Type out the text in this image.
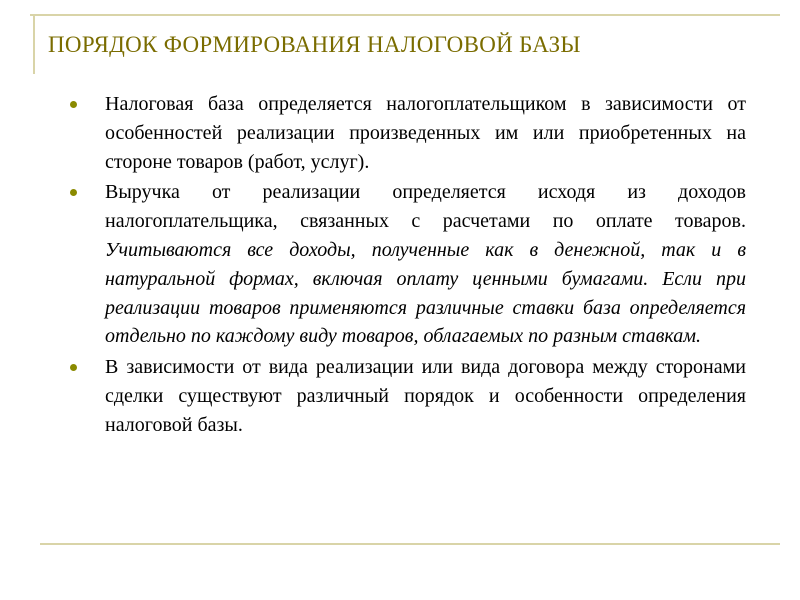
ПОРЯДОК ФОРМИРОВАНИЯ НАЛОГОВОЙ БАЗЫ
Налоговая база определяется налогоплательщиком в зависимости от особенностей реализации произведенных им или приобретенных на стороне товаров (работ, услуг).
Выручка от реализации определяется исходя из доходов налогоплательщика, связанных с расчетами по оплате товаров. Учитываются все доходы, полученные как в денежной, так и в натуральной формах, включая оплату ценными бумагами. Если при реализации товаров применяются различные ставки база определяется отдельно по каждому виду товаров, облагаемых по разным ставкам.
В зависимости от вида реализации или вида договора между сторонами сделки существуют различный порядок и особенности определения налоговой базы.
